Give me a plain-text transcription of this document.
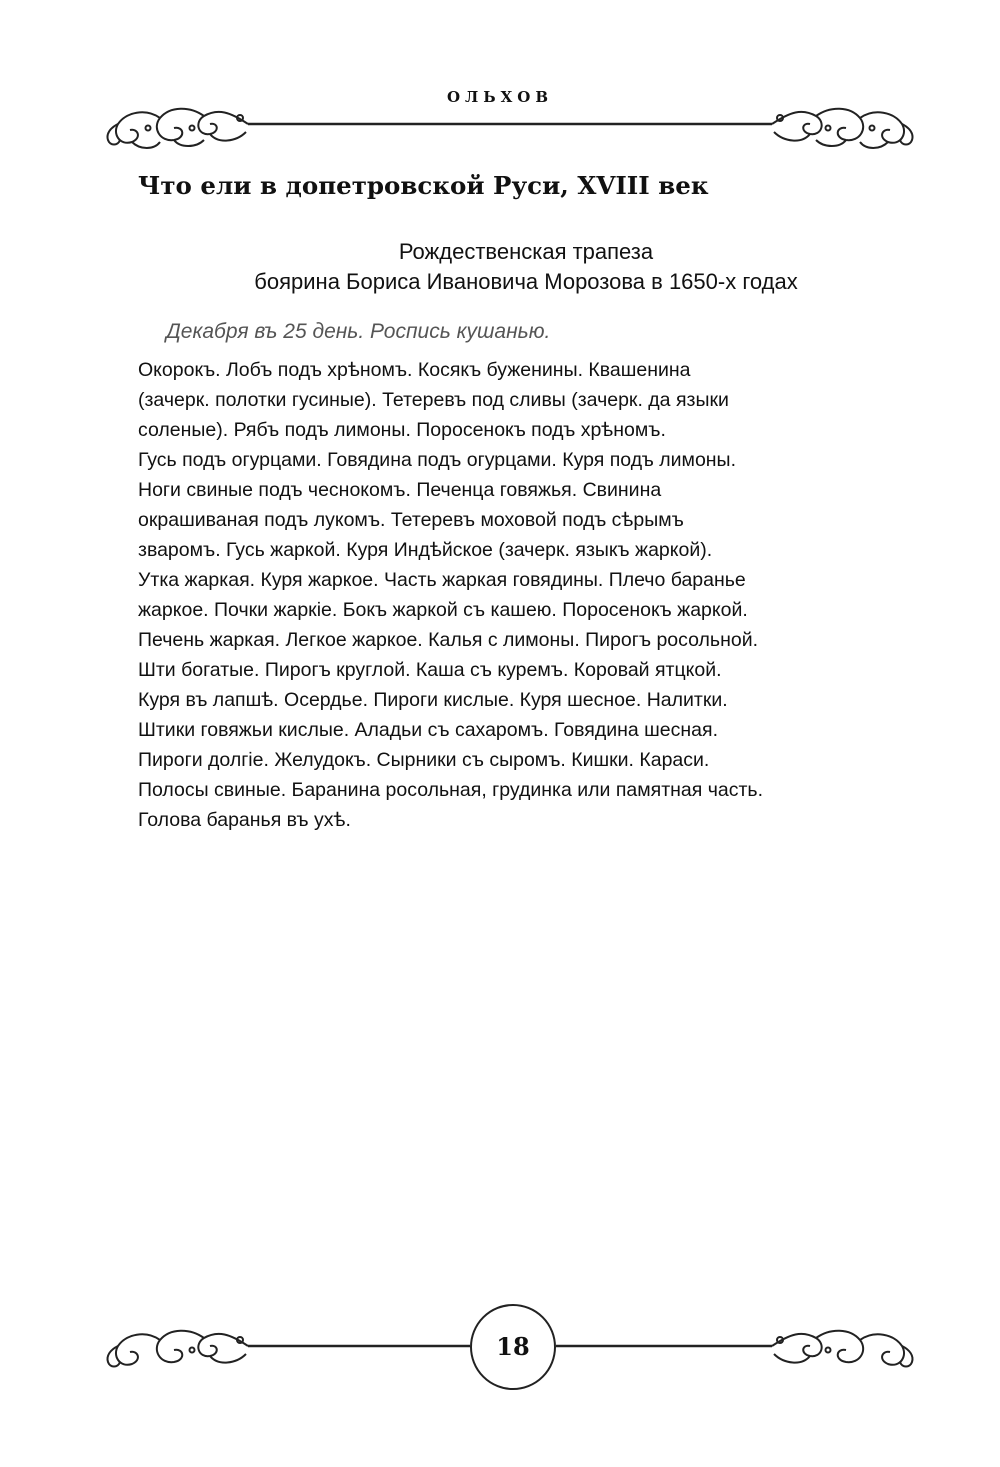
ОЛЬХОВ
Что ели в допетровской Руси, XVIII век
Рождественская трапеза
боярина Бориса Ивановича Морозова в 1650-х годах
Декабря въ 25 день. Роспись кушанью.
Окорокъ. Лобъ подъ хрѣномъ. Косякъ буженины. Квашенина
(зачерк. полотки гусиные). Тетеревъ под сливы (зачерк. да языки
соленые). Рябъ подъ лимоны. Поросенокъ подъ хрѣномъ.
Гусь подъ огурцами. Говядина подъ огурцами. Куря подъ лимоны.
Ноги свиные подъ чеснокомъ. Печенца говяжья. Свинина
окрашиваная подъ лукомъ. Тетеревъ моховой подъ сѣрымъ
зваромъ. Гусь жаркой. Куря Индѣйское (зачерк. языкъ жаркой).
Утка жаркая. Куря жаркое. Часть жаркая говядины. Плечо баранье
жаркое. Почки жаркіе. Бокъ жаркой съ кашею. Поросенокъ жаркой.
Печень жаркая. Легкое жаркое. Калья с лимоны. Пирогъ росольной.
Шти богатые. Пирогъ круглой. Каша съ куремъ. Коровай ятцкой.
Куря въ лапшѣ. Осердье. Пироги кислые. Куря шесное. Налитки.
Штики говяжьи кислые. Аладьи съ сахаромъ. Говядина шесная.
Пироги долгіе. Желудокъ. Сырники съ сыромъ. Кишки. Караси.
Полосы свиные. Баранина росольная, грудинка или памятная часть.
Голова баранья въ ухѣ.
18
